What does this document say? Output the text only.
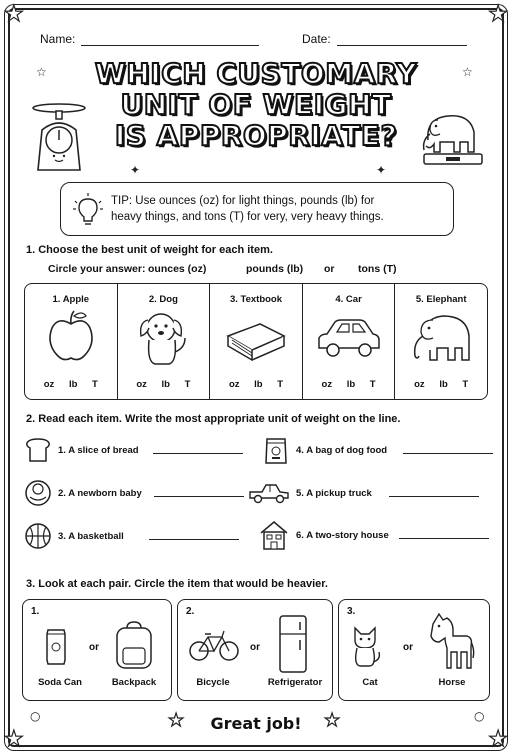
★	★
★	★
☆	☆
✦	✦
○	○
Name:	Date:
WHICH CUSTOMARY
UNIT OF WEIGHT
IS APPROPRIATE?
TIP: Use ounces (oz) for light things, pounds (lb) for
heavy things, and tons (T) for very, very heavy things.
1. Choose the best unit of weight for each item.
Circle your answer: ounces (oz)	pounds (lb)	or	tons (T)
1. Apple
oz lb T
2. Dog
oz lb T
3. Textbook
oz lb T
4. Car
oz lb T
5. Elephant
oz lb T
2. Read each item. Write the most appropriate unit of weight on the line.
1. A slice of bread
2. A newborn baby
3. A basketball
4. A bag of dog food
5. A pickup truck
6. A two-story house
3. Look at each pair. Circle the item that would be heavier.
1.
or
Soda Can	Backpack
2.
or
Bicycle	Refrigerator
3.
or
Cat	Horse
★	★
Great job!
